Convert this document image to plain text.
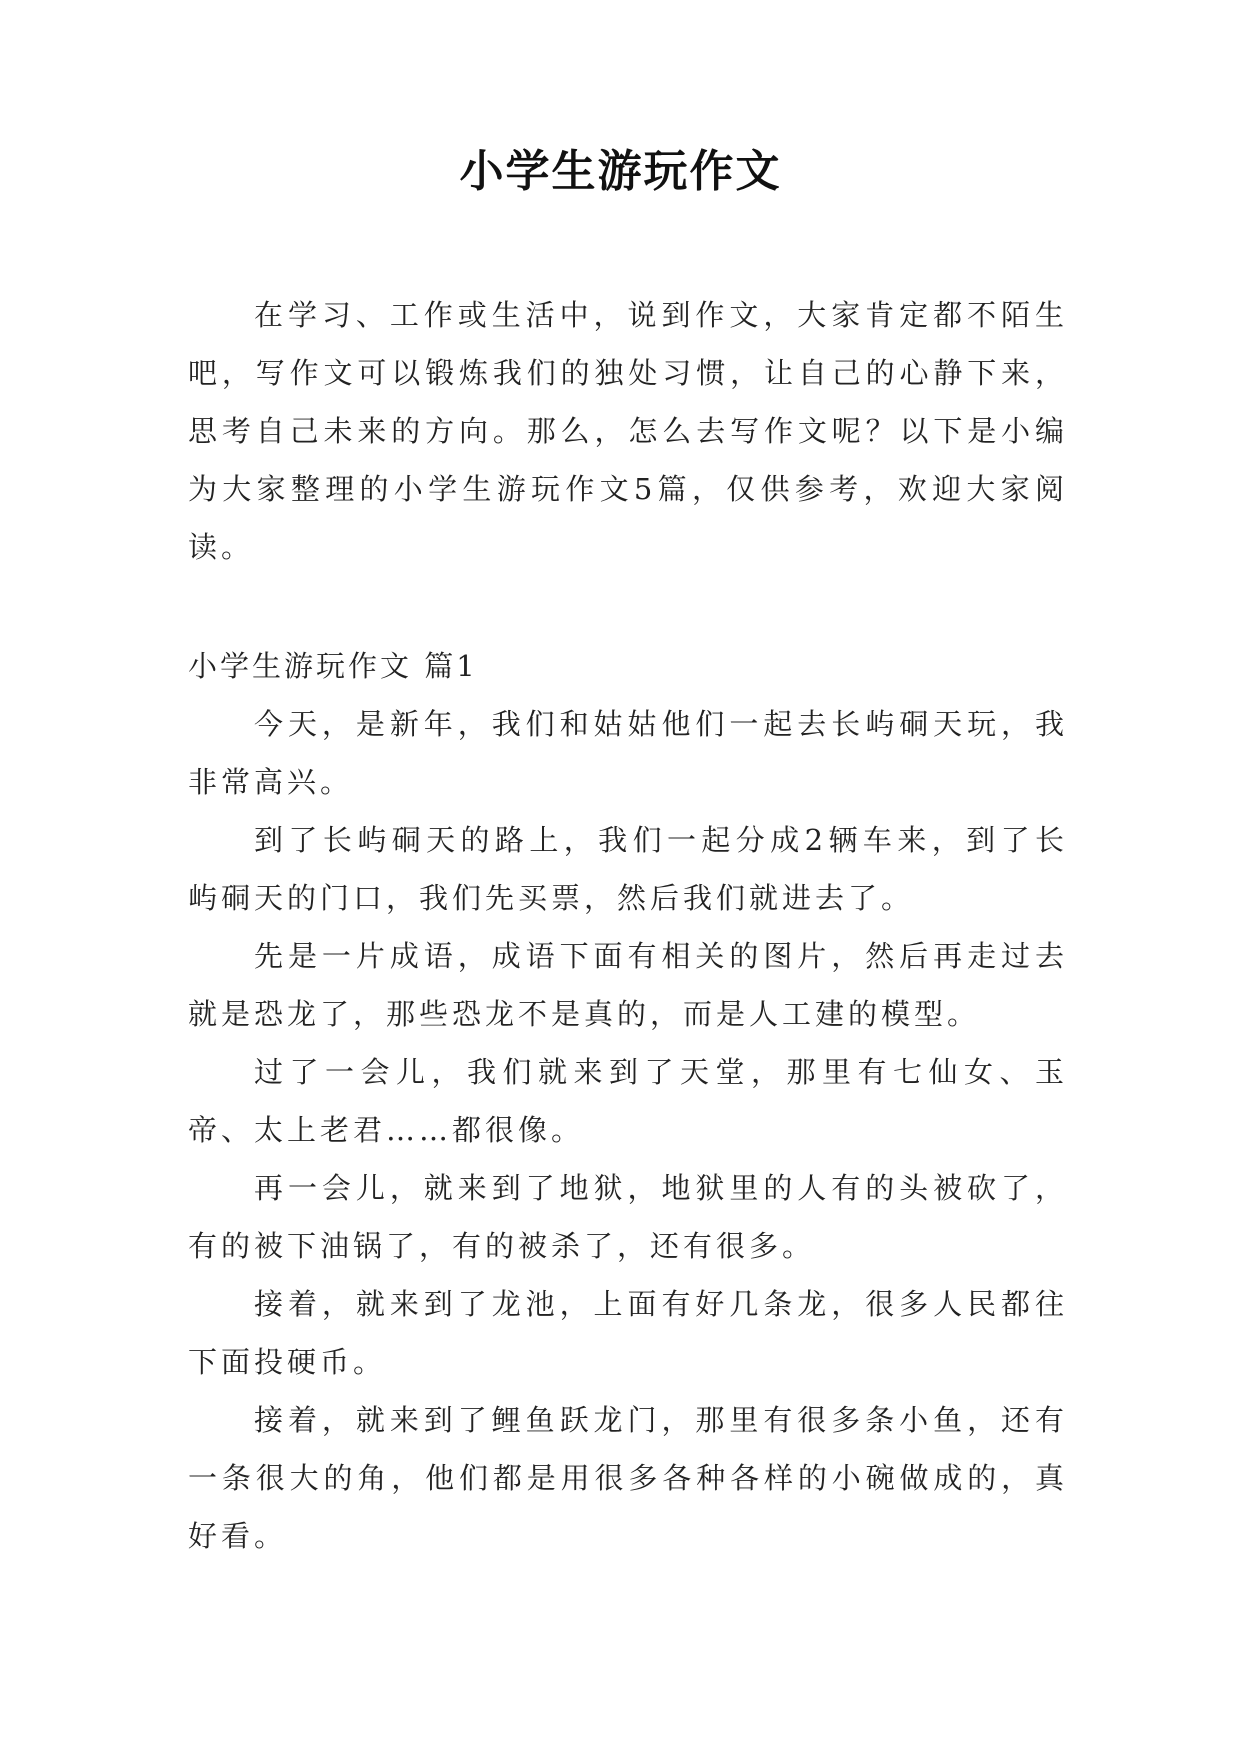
小学生游玩作文

在学习、工作或生活中，说到作文，大家肯定都不陌生吧，写作文可以锻炼我们的独处习惯，让自己的心静下来，思考自己未来的方向。那么，怎么去写作文呢？以下是小编为大家整理的小学生游玩作文5篇，仅供参考，欢迎大家阅读。

小学生游玩作文 篇1

今天，是新年，我们和姑姑他们一起去长屿硐天玩，我非常高兴。

到了长屿硐天的路上，我们一起分成2辆车来，到了长屿硐天的门口，我们先买票，然后我们就进去了。

先是一片成语，成语下面有相关的图片，然后再走过去就是恐龙了，那些恐龙不是真的，而是人工建的模型。

过了一会儿，我们就来到了天堂，那里有七仙女、玉帝、太上老君……都很像。

再一会儿，就来到了地狱，地狱里的人有的头被砍了，有的被下油锅了，有的被杀了，还有很多。

接着，就来到了龙池，上面有好几条龙，很多人民都往下面投硬币。

接着，就来到了鲤鱼跃龙门，那里有很多条小鱼，还有一条很大的角，他们都是用很多各种各样的小碗做成的，真好看。
